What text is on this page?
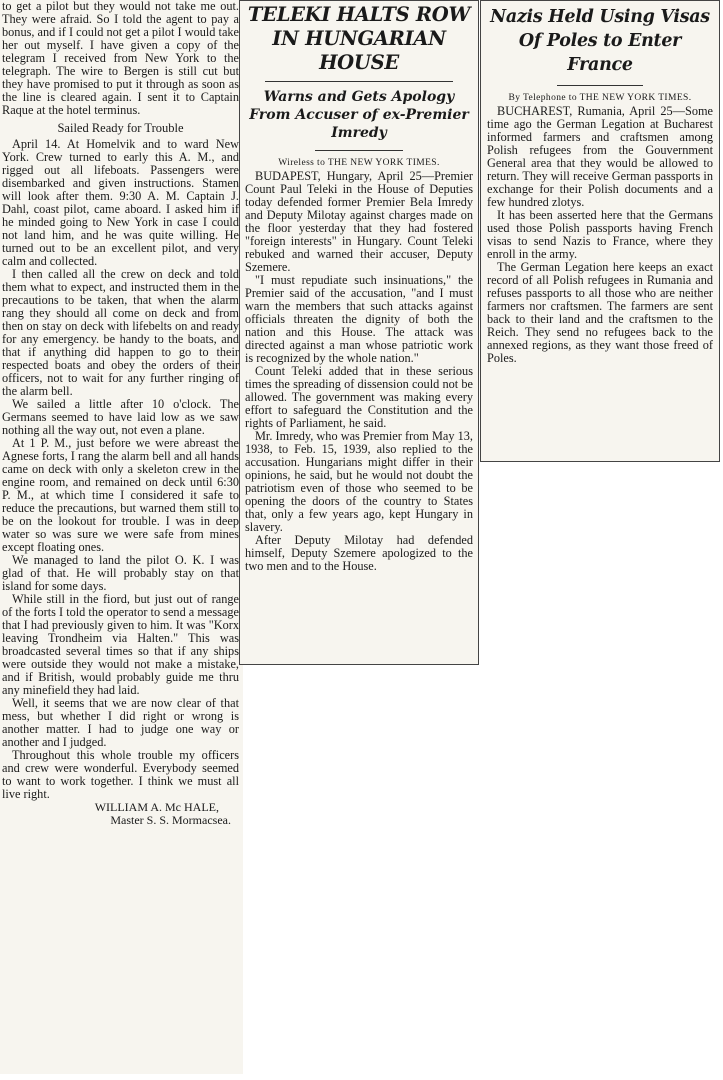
to get a pilot but they would not take me out. They were afraid. So I told the agent to pay a bonus, and if I could not get a pilot I would take her out myself. I have given a copy of the telegram I received from New York to the telegraph. The wire to Bergen is still cut but they have promised to put it through as soon as the line is cleared again. I sent it to Captain Raque at the hotel terminus.

Sailed Ready for Trouble

April 14. At Homelvik and to ward New York. Crew turned to early this A. M., and rigged out all lifeboats. Passengers were disembarked and given instructions. Stamen will look after them. 9:30 A. M. Captain J. Dahl, coast pilot, came aboard. I asked him if he minded going to New York in case I could not land him, and he was quite willing. He turned out to be an excellent pilot, and very calm and collected.

I then called all the crew on deck and told them what to expect, and instructed them in the precautions to be taken, that when the alarm rang they should all come on deck and from then on stay on deck with lifebelts on and ready for any emergency. be handy to the boats, and that if anything did happen to go to their respected boats and obey the orders of their officers, not to wait for any further ringing of the alarm bell.

We sailed a little after 10 o'clock. The Germans seemed to have laid low as we saw nothing all the way out, not even a plane.

At 1 P. M., just before we were abreast the Agnese forts, I rang the alarm bell and all hands came on deck with only a skeleton crew in the engine room, and remained on deck until 6:30 P. M., at which time I considered it safe to reduce the precautions, but warned them still to be on the lookout for trouble. I was in deep water so was sure we were safe from mines except floating ones.

We managed to land the pilot O. K. I was glad of that. He will probably stay on that island for some days.

While still in the fiord, but just out of range of the forts I told the operator to send a message that I had previously given to him. It was "Korx leaving Trondheim via Halten." This was broadcasted several times so that if any ships were outside they would not make a mistake, and if British, would probably guide me thru any minefield they had laid.

Well, it seems that we are now clear of that mess, but whether I did right or wrong is another matter. I had to judge one way or another and I judged.

Throughout this whole trouble my officers and crew were wonderful. Everybody seemed to want to work together. I think we must all live right.

WILLIAM A. Mc HALE,
Master S. S. Mormacsea.
TELEKI HALTS ROW IN HUNGARIAN HOUSE
Warns and Gets Apology From Accuser of ex-Premier Imredy
Wireless to THE NEW YORK TIMES.

BUDAPEST, Hungary, April 25—Premier Count Paul Teleki in the House of Deputies today defended former Premier Bela Imredy and Deputy Milotay against charges made on the floor yesterday that they had fostered "foreign interests" in Hungary. Count Teleki rebuked and warned their accuser, Deputy Szemere.

"I must repudiate such insinuations," the Premier said of the accusation, "and I must warn the members that such attacks against officials threaten the dignity of both the nation and this House. The attack was directed against a man whose patriotic work is recognized by the whole nation."

Count Teleki added that in these serious times the spreading of dissension could not be allowed. The government was making every effort to safeguard the Constitution and the rights of Parliament, he said.

Mr. Imredy, who was Premier from May 13, 1938, to Feb. 15, 1939, also replied to the accusation. Hungarians might differ in their opinions, he said, but he would not doubt the patriotism even of those who seemed to be opening the doors of the country to States that, only a few years ago, kept Hungary in slavery.

After Deputy Milotay had defended himself, Deputy Szemere apologized to the two men and to the House.

Nazis Held Using Visas Of Poles to Enter France
By Telephone to THE NEW YORK TIMES.

BUCHAREST, Rumania, April 25—Some time ago the German Legation at Bucharest informed farmers and craftsmen among Polish refugees from the Gouvernment General area that they would be allowed to return. They will receive German passports in exchange for their Polish documents and a few hundred zlotys.

It has been asserted here that the Germans used those Polish passports having French visas to send Nazis to France, where they enroll in the army.

The German Legation here keeps an exact record of all Polish refugees in Rumania and refuses passports to all those who are neither farmers nor craftsmen. The farmers are sent back to their land and the craftsmen to the Reich. They send no refugees back to the annexed regions, as they want those freed of Poles.
